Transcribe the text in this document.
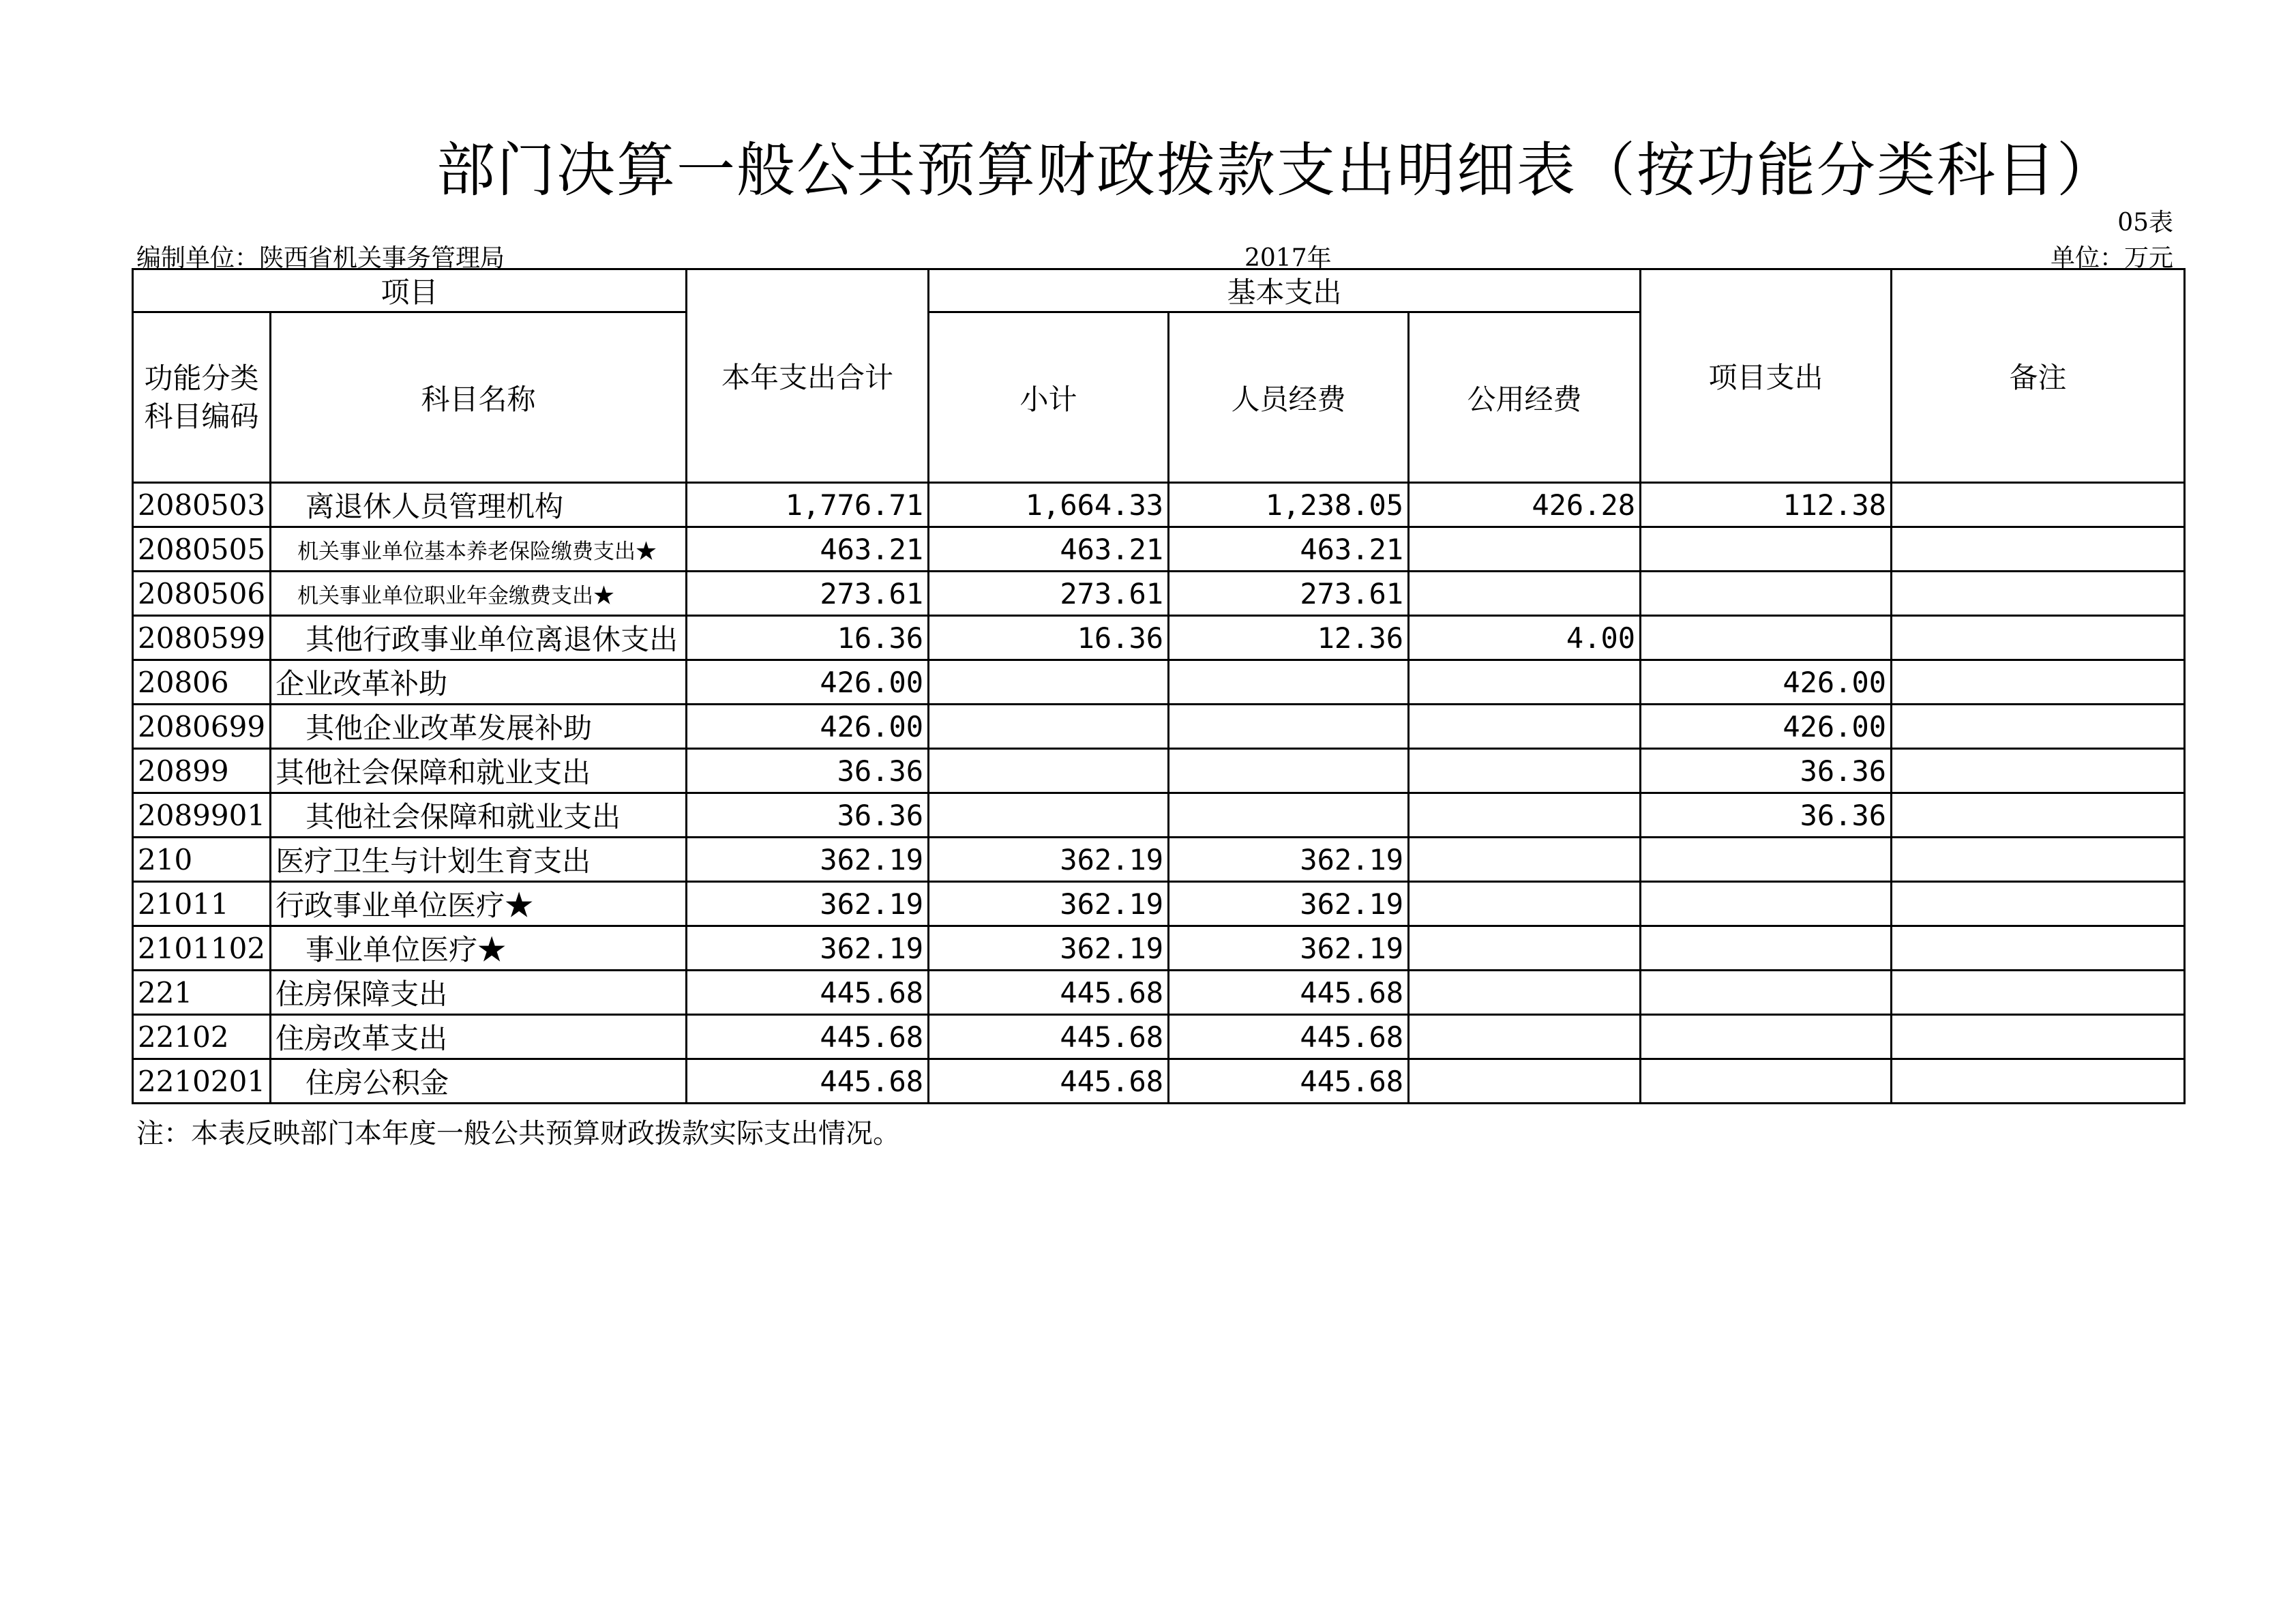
部门决算一般公共预算财政拨款支出明细表（按功能分类科目）
05表
编制单位：陕西省机关事务管理局	2017年	单位：万元
项目		本年支出合计	基本支出			项目支出	备注
功能分类科目编码	科目名称		小计	人员经费	公用经费		
2080503	离退休人员管理机构	1,776.71	1,664.33	1,238.05	426.28	112.38	
2080505	机关事业单位基本养老保险缴费支出★	463.21	463.21	463.21			
2080506	机关事业单位职业年金缴费支出★	273.61	273.61	273.61			
2080599	其他行政事业单位离退休支出	16.36	16.36	12.36	4.00		
20806	企业改革补助	426.00				426.00	
2080699	其他企业改革发展补助	426.00				426.00	
20899	其他社会保障和就业支出	36.36				36.36	
2089901	其他社会保障和就业支出	36.36				36.36	
210	医疗卫生与计划生育支出	362.19	362.19	362.19			
21011	行政事业单位医疗★	362.19	362.19	362.19			
2101102	事业单位医疗★	362.19	362.19	362.19			
221	住房保障支出	445.68	445.68	445.68			
22102	住房改革支出	445.68	445.68	445.68			
2210201	住房公积金	445.68	445.68	445.68			
注：本表反映部门本年度一般公共预算财政拨款实际支出情况。
